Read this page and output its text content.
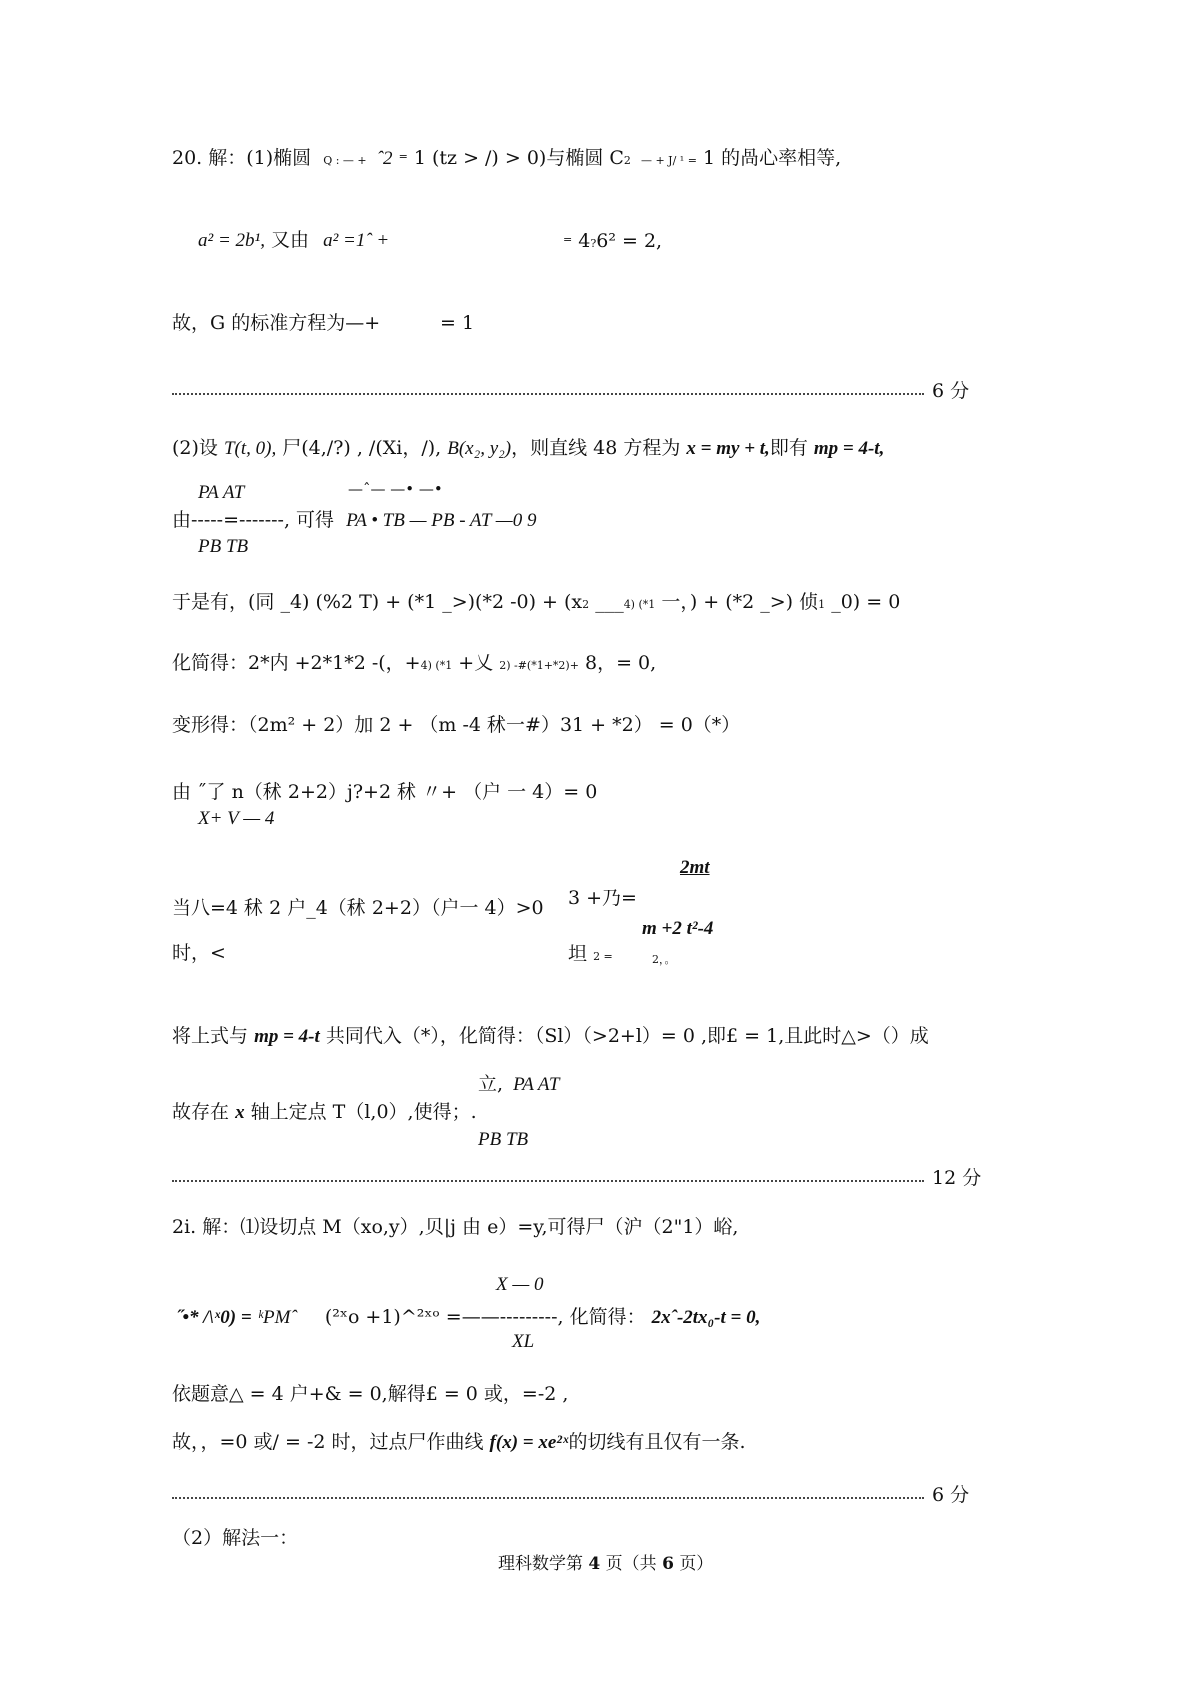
20. 解：(1)椭圆 Q : — + ˆ2 = 1 (tz > /) > 0)与椭圆 C2 — + J/ ¹ = 1 的咼心率相等,
a² = 2b¹, 又由 a² =1ˆ +	= 4?6² = 2,
故，G 的标准方程为—+	= 1
6 分
(2)设 T(t, 0), 尸(4,/?) , /(Xi，/), B(x₂, y₂)，则直线 48 方程为 x = my + t,即有 mp = 4-t,
PA AT	—ˆ— —• —•
由-----=-------, 可得 PA • TB — PB - AT —0 9
PB TB
于是有，(同 _4) (%2 T) + (*1 _>)(*2 -0) + (x2 ___4) (*1 一，) + (*2 _>) 侦1 _0) = 0
化简得：2*内 +2*1*2 -(，+4) (*1 +乂 2) -#(*1+*2)+ 8，= 0,
变形得：（2m² + 2）加 2 + （m -4 秫一#）31 + *2） = 0（*）
由 ˝了 n（秫 2+2）j?+2 秫 〃+ （户 一 4）= 0
X+ V — 4
2mt
当八=4 秫 2 户_4（秫 2+2）（户一 4）>0 3 +乃=
m +2 t²-4
时，<	坦 2 =	2，。
将上式与 mp = 4-t 共同代入（*），化简得：（Sl）（>2+l）= 0 ,即£ = 1,且此时△>（）成
立, PA AT
故存在 x 轴上定点 T（l,0）,使得；.
PB TB
12 分
2i. 解：⑴设切点 M（xo,y）,贝|j 由 e）=y,可得尸（沪（2"1）峪,
X — 0
˝•* /\ˣ0) = ᵏPMˆ (²ˣo +1)^²ˣᵒ =——---------, 化简得： 2xˆ-2tx₀-t = 0,
XL
依题意△ = 4 户+& = 0,解得£ = 0 或，=-2 ,
故，，=0 或/ = -2 时，过点尸作曲线 f(x) = xe²ˣ的切线有且仅有一条.
6 分
（2）解法一：
理科数学第 4 页（共 6 页）
